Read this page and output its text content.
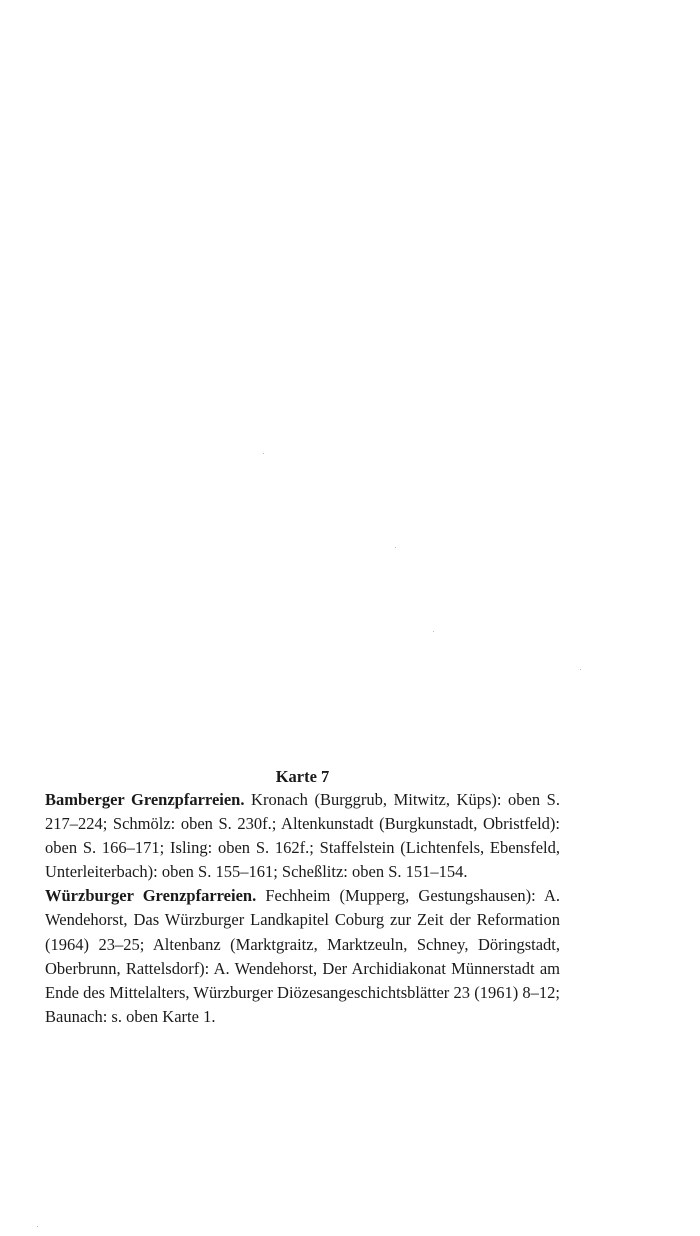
Karte 7

Bamberger Grenzpfarreien. Kronach (Burggrub, Mitwitz, Küps): oben S. 217–224; Schmölz: oben S. 230f.; Altenkunstadt (Burgkunstadt, Obristfeld): oben S. 166–171; Isling: oben S. 162f.; Staffelstein (Lichtenfels, Ebensfeld, Unterleiterbach): oben S. 155–161; Scheßlitz: oben S. 151–154.

Würzburger Grenzpfarreien. Fechheim (Mupperg, Gestungshausen): A. Wendehorst, Das Würzburger Landkapitel Coburg zur Zeit der Reformation (1964) 23–25; Altenbanz (Marktgraitz, Marktzeuln, Schney, Döringstadt, Oberbrunn, Rattelsdorf): A. Wendehorst, Der Archidiakonat Münnerstadt am Ende des Mittelalters, Würzburger Diözesangeschichtsblätter 23 (1961) 8–12; Baunach: s. oben Karte 1.
